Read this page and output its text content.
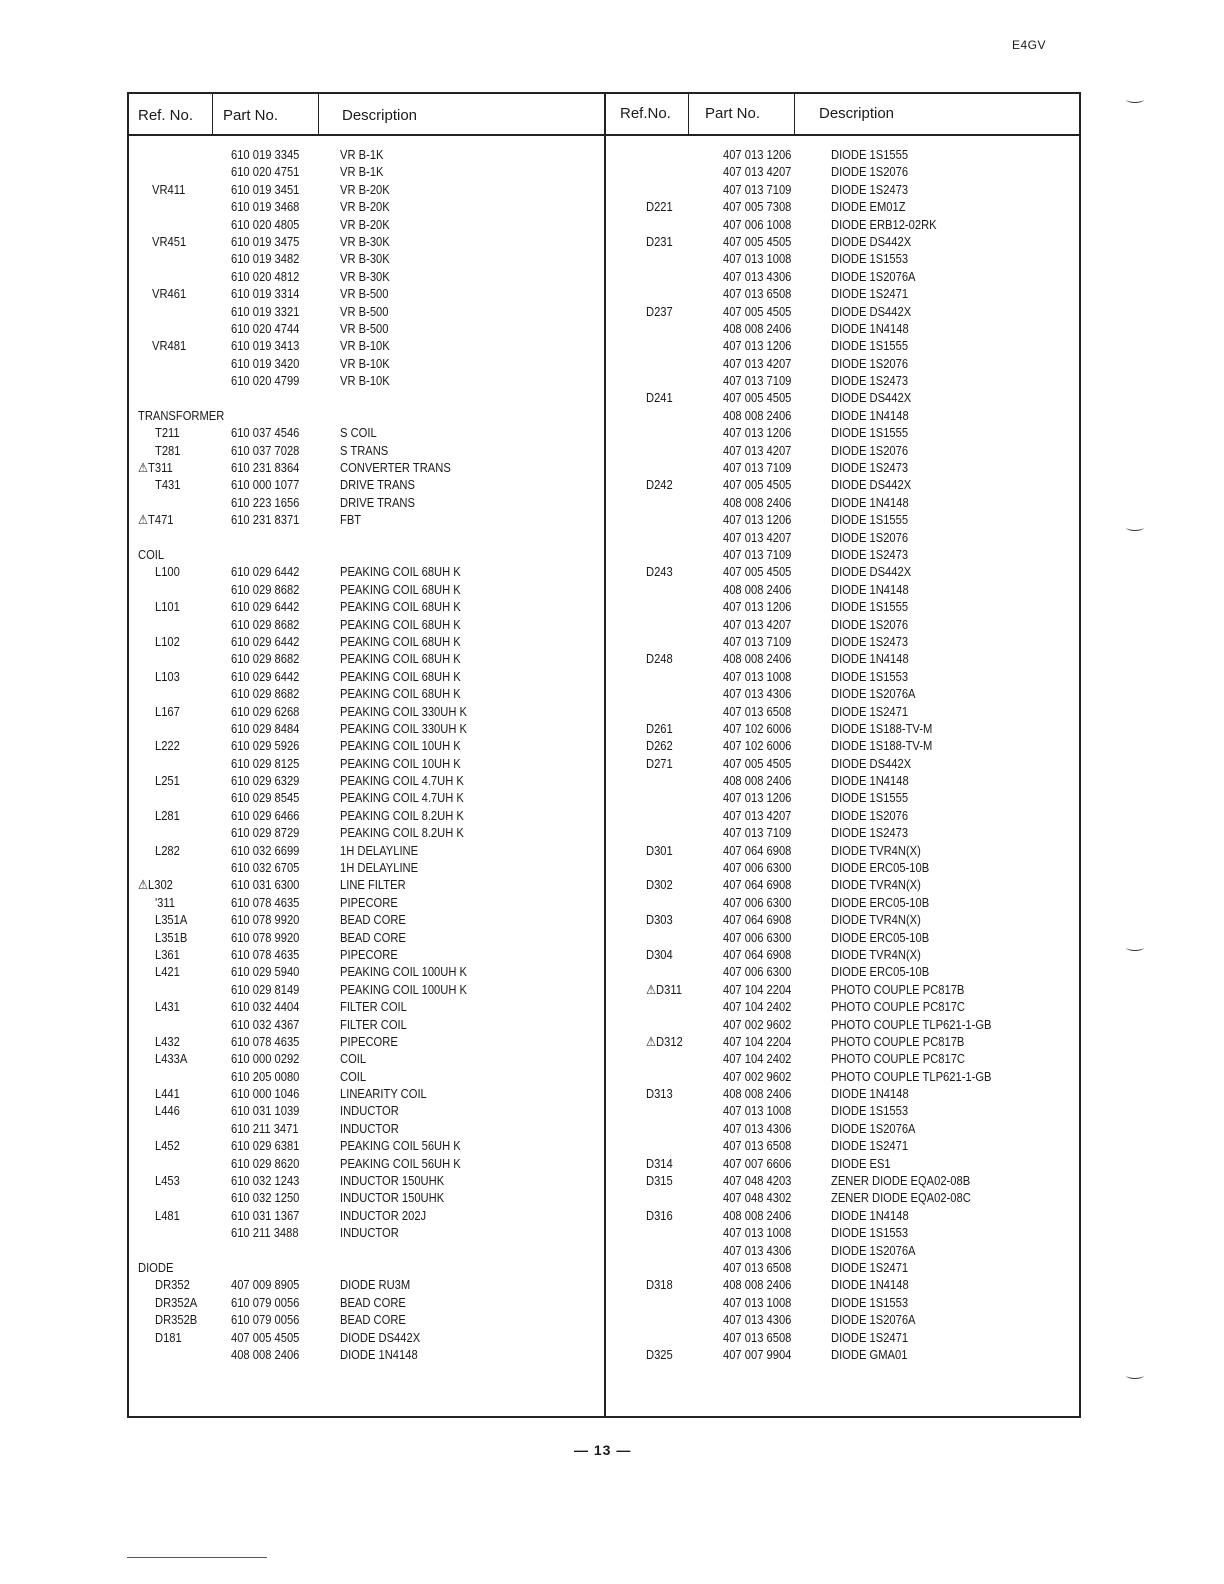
E4GV
Ref. No. Part No.	Description	Ref.No. Part No.	Description
610 019 3345	VR B-1K
610 020 4751	VR B-1K
VR411	610 019 3451	VR B-20K
610 019 3468	VR B-20K
610 020 4805	VR B-20K
VR451	610 019 3475	VR B-30K
610 019 3482	VR B-30K
610 020 4812	VR B-30K
VR461	610 019 3314	VR B-500
610 019 3321	VR B-500
610 020 4744	VR B-500
VR481	610 019 3413	VR B-10K
610 019 3420	VR B-10K
610 020 4799	VR B-10K
TRANSFORMER
T211	610 037 4546	S COIL
T281	610 037 7028	S TRANS
⚠T311	610 231 8364	CONVERTER TRANS
T431	610 000 1077	DRIVE TRANS
610 223 1656	DRIVE TRANS
⚠T471	610 231 8371	FBT
COIL
L100	610 029 6442	PEAKING COIL 68UH K
610 029 8682	PEAKING COIL 68UH K
L101	610 029 6442	PEAKING COIL 68UH K
610 029 8682	PEAKING COIL 68UH K
L102	610 029 6442	PEAKING COIL 68UH K
610 029 8682	PEAKING COIL 68UH K
L103	610 029 6442	PEAKING COIL 68UH K
610 029 8682	PEAKING COIL 68UH K
L167	610 029 6268	PEAKING COIL 330UH K
610 029 8484	PEAKING COIL 330UH K
L222	610 029 5926	PEAKING COIL 10UH K
610 029 8125	PEAKING COIL 10UH K
L251	610 029 6329	PEAKING COIL 4.7UH K
610 029 8545	PEAKING COIL 4.7UH K
L281	610 029 6466	PEAKING COIL 8.2UH K
610 029 8729	PEAKING COIL 8.2UH K
L282	610 032 6699	1H DELAYLINE
610 032 6705	1H DELAYLINE
⚠L302	610 031 6300	LINE FILTER
'311	610 078 4635	PIPECORE
L351A	610 078 9920	BEAD CORE
L351B	610 078 9920	BEAD CORE
L361	610 078 4635	PIPECORE
L421	610 029 5940	PEAKING COIL 100UH K
610 029 8149	PEAKING COIL 100UH K
L431	610 032 4404	FILTER COIL
610 032 4367	FILTER COIL
L432	610 078 4635	PIPECORE
L433A	610 000 0292	COIL
610 205 0080	COIL
L441	610 000 1046	LINEARITY COIL
L446	610 031 1039	INDUCTOR
610 211 3471	INDUCTOR
L452	610 029 6381	PEAKING COIL 56UH K
610 029 8620	PEAKING COIL 56UH K
L453	610 032 1243	INDUCTOR 150UHK
610 032 1250	INDUCTOR 150UHK
L481	610 031 1367	INDUCTOR 202J
610 211 3488	INDUCTOR
DIODE
DR352	407 009 8905	DIODE RU3M
DR352A	610 079 0056	BEAD CORE
DR352B	610 079 0056	BEAD CORE
D181	407 005 4505	DIODE DS442X
408 008 2406	DIODE 1N4148
407 013 1206	DIODE 1S1555
407 013 4207	DIODE 1S2076
407 013 7109	DIODE 1S2473
D221	407 005 7308	DIODE EM01Z
407 006 1008	DIODE ERB12-02RK
D231	407 005 4505	DIODE DS442X
407 013 1008	DIODE 1S1553
407 013 4306	DIODE 1S2076A
407 013 6508	DIODE 1S2471
D237	407 005 4505	DIODE DS442X
408 008 2406	DIODE 1N4148
407 013 1206	DIODE 1S1555
407 013 4207	DIODE 1S2076
407 013 7109	DIODE 1S2473
D241	407 005 4505	DIODE DS442X
408 008 2406	DIODE 1N4148
407 013 1206	DIODE 1S1555
407 013 4207	DIODE 1S2076
407 013 7109	DIODE 1S2473
D242	407 005 4505	DIODE DS442X
408 008 2406	DIODE 1N4148
407 013 1206	DIODE 1S1555
407 013 4207	DIODE 1S2076
407 013 7109	DIODE 1S2473
D243	407 005 4505	DIODE DS442X
408 008 2406	DIODE 1N4148
407 013 1206	DIODE 1S1555
407 013 4207	DIODE 1S2076
407 013 7109	DIODE 1S2473
D248	408 008 2406	DIODE 1N4148
407 013 1008	DIODE 1S1553
407 013 4306	DIODE 1S2076A
407 013 6508	DIODE 1S2471
D261	407 102 6006	DIODE 1S188-TV-M
D262	407 102 6006	DIODE 1S188-TV-M
D271	407 005 4505	DIODE DS442X
408 008 2406	DIODE 1N4148
407 013 1206	DIODE 1S1555
407 013 4207	DIODE 1S2076
407 013 7109	DIODE 1S2473
D301	407 064 6908	DIODE TVR4N(X)
407 006 6300	DIODE ERC05-10B
D302	407 064 6908	DIODE TVR4N(X)
407 006 6300	DIODE ERC05-10B
D303	407 064 6908	DIODE TVR4N(X)
407 006 6300	DIODE ERC05-10B
D304	407 064 6908	DIODE TVR4N(X)
407 006 6300	DIODE ERC05-10B
⚠D311	407 104 2204	PHOTO COUPLE PC817B
407 104 2402	PHOTO COUPLE PC817C
407 002 9602	PHOTO COUPLE TLP621-1-GB
⚠D312	407 104 2204	PHOTO COUPLE PC817B
407 104 2402	PHOTO COUPLE PC817C
407 002 9602	PHOTO COUPLE TLP621-1-GB
D313	408 008 2406	DIODE 1N4148
407 013 1008	DIODE 1S1553
407 013 4306	DIODE 1S2076A
407 013 6508	DIODE 1S2471
D314	407 007 6606	DIODE ES1
D315	407 048 4203	ZENER DIODE EQA02-08B
407 048 4302	ZENER DIODE EQA02-08C
D316	408 008 2406	DIODE 1N4148
407 013 1008	DIODE 1S1553
407 013 4306	DIODE 1S2076A
407 013 6508	DIODE 1S2471
D318	408 008 2406	DIODE 1N4148
407 013 1008	DIODE 1S1553
407 013 4306	DIODE 1S2076A
407 013 6508	DIODE 1S2471
D325	407 007 9904	DIODE GMA01
— 13 —
